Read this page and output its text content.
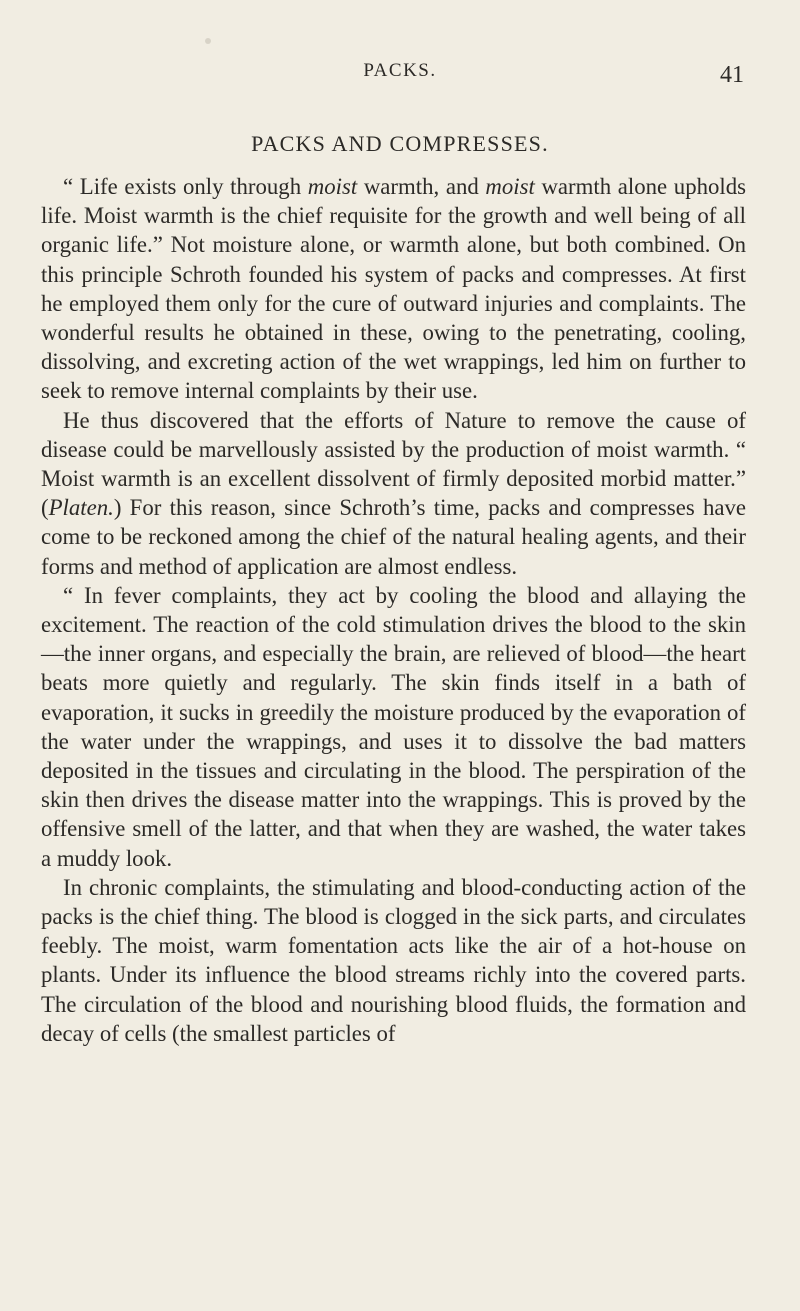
PACKS.	41
PACKS AND COMPRESSES.

“ Life exists only through moist warmth, and moist warmth alone upholds life. Moist warmth is the chief requisite for the growth and well being of all organic life.” Not moisture alone, or warmth alone, but both combined. On this principle Schroth founded his system of packs and compresses. At first he employed them only for the cure of outward injuries and complaints. The wonderful results he obtained in these, owing to the penetrating, cooling, dissolving, and excreting action of the wet wrappings, led him on further to seek to remove internal complaints by their use.

He thus discovered that the efforts of Nature to remove the cause of disease could be marvellously assisted by the production of moist warmth. “ Moist warmth is an excellent dissolvent of firmly deposited morbid matter.” (Platen.) For this reason, since Schroth’s time, packs and compresses have come to be reckoned among the chief of the natural healing agents, and their forms and method of application are almost endless.

“ In fever complaints, they act by cooling the blood and allaying the excitement. The reaction of the cold stimulation drives the blood to the skin—the inner organs, and especially the brain, are relieved of blood—the heart beats more quietly and regularly. The skin finds itself in a bath of evaporation, it sucks in greedily the moisture produced by the evaporation of the water under the wrappings, and uses it to dissolve the bad matters deposited in the tissues and circulating in the blood. The perspiration of the skin then drives the disease matter into the wrappings. This is proved by the offensive smell of the latter, and that when they are washed, the water takes a muddy look.

In chronic complaints, the stimulating and blood-conducting action of the packs is the chief thing. The blood is clogged in the sick parts, and circulates feebly. The moist, warm fomentation acts like the air of a hot-house on plants. Under its influence the blood streams richly into the covered parts. The circulation of the blood and nourishing blood fluids, the formation and decay of cells (the smallest particles of
